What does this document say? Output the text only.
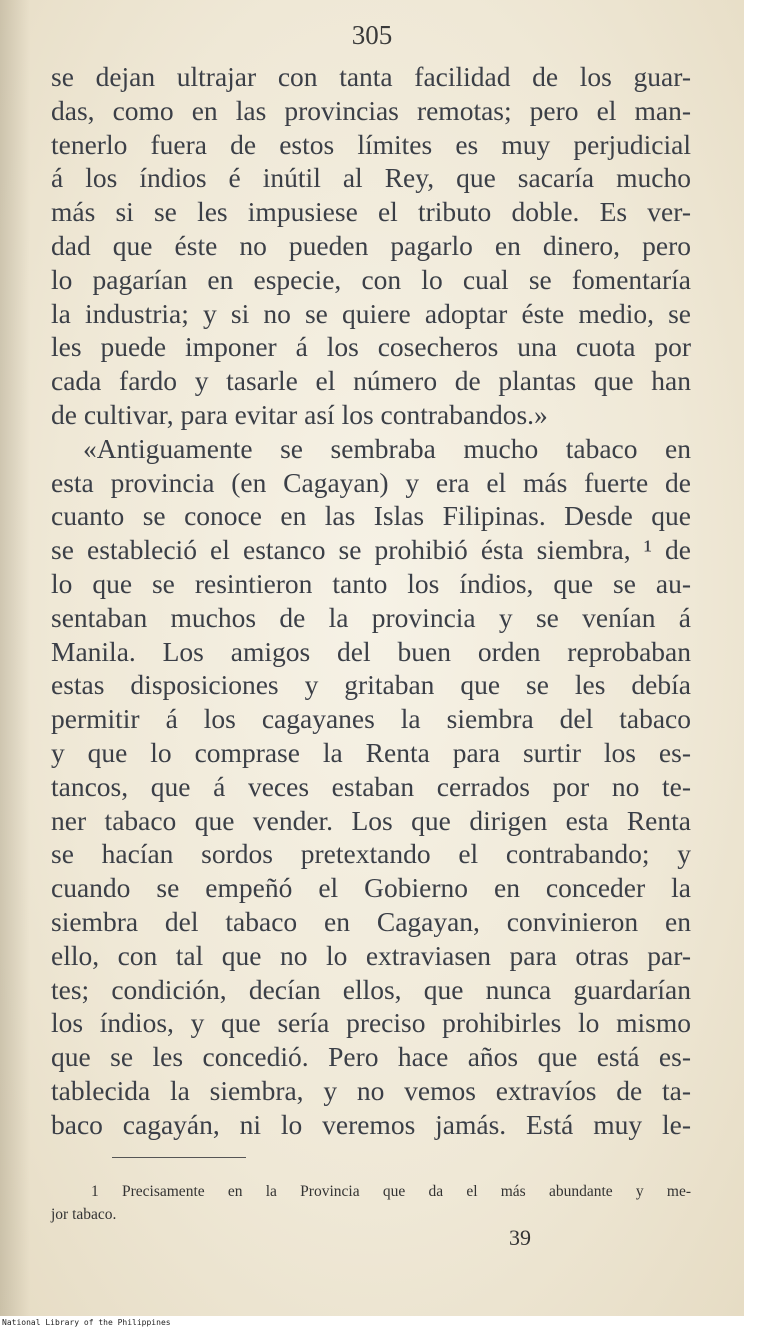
305
se dejan ultrajar con tanta facilidad de los guar-
das, como en las provincias remotas; pero el man-
tenerlo fuera de estos límites es muy perjudicial
á los índios é inútil al Rey, que sacaría mucho
más si se les impusiese el tributo doble. Es ver-
dad que éste no pueden pagarlo en dinero, pero
lo pagarían en especie, con lo cual se fomentaría
la industria; y si no se quiere adoptar éste medio, se
les puede imponer á los cosecheros una cuota por
cada fardo y tasarle el número de plantas que han
de cultivar, para evitar así los contrabandos.»
«Antiguamente se sembraba mucho tabaco en
esta provincia (en Cagayan) y era el más fuerte de
cuanto se conoce en las Islas Filipinas. Desde que
se estableció el estanco se prohibió ésta siembra, ¹ de
lo que se resintieron tanto los índios, que se au-
sentaban muchos de la provincia y se venían á
Manila. Los amigos del buen orden reprobaban
estas disposiciones y gritaban que se les debía
permitir á los cagayanes la siembra del tabaco
y que lo comprase la Renta para surtir los es-
tancos, que á veces estaban cerrados por no te-
ner tabaco que vender. Los que dirigen esta Renta
se hacían sordos pretextando el contrabando; y
cuando se empeñó el Gobierno en conceder la
siembra del tabaco en Cagayan, convinieron en
ello, con tal que no lo extraviasen para otras par-
tes; condición, decían ellos, que nunca guardarían
los índios, y que sería preciso prohibirles lo mismo
que se les concedió. Pero hace años que está es-
tablecida la siembra, y no vemos extravíos de ta-
baco cagayán, ni lo veremos jamás. Está muy le-
1 Precisamente en la Provincia que da el más abundante y me-
jor tabaco.
39
National Library of the Philippines
